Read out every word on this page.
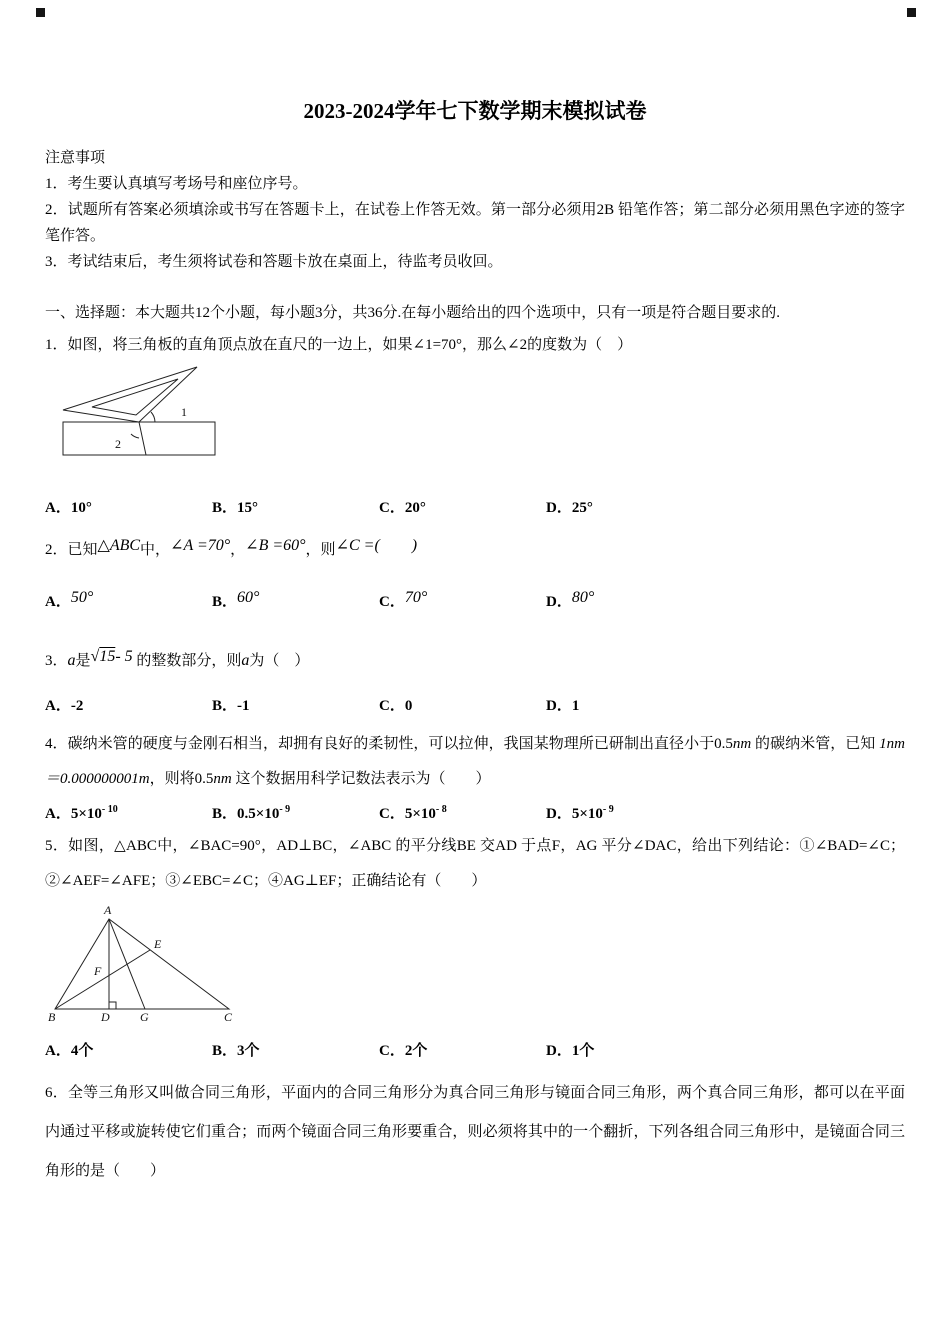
2023-2024学年七下数学期末模拟试卷
注意事项
1．考生要认真填写考场号和座位序号。
2．试题所有答案必须填涂或书写在答题卡上，在试卷上作答无效。第一部分必须用2B 铅笔作答；第二部分必须用黑色字迹的签字笔作答。
3．考试结束后，考生须将试卷和答题卡放在桌面上，待监考员收回。
一、选择题：本大题共12个小题，每小题3分，共36分.在每小题给出的四个选项中，只有一项是符合题目要求的.
1．如图，将三角板的直角顶点放在直尺的一边上，如果∠1=70°，那么∠2的度数为（　）
1
2
A．10°	B．15°	C．20°	D．25°
2．已知△ABC中，∠A =70°，∠B =60°，则∠C =(　　)
A．50°	B．60°	C．70°	D．80°
3．a是√15- 5 的整数部分，则a为（　）
A．-2	B．-1	C．0	D．1
4．碳纳米管的硬度与金刚石相当，却拥有良好的柔韧性，可以拉伸，我国某物理所已研制出直径小于0.5nm 的碳纳米管，已知 1nm＝0.000000001m，则将0.5nm 这个数据用科学记数法表示为（　　）
A．$5\times 10^{- 10}$	B．$0.5\times 10^{- 9}$	C．$5\times 10^{- 8}$	D．$5\times 10^{- 9}$
5．如图，△ABC中，∠BAC=90°，AD⊥BC，∠ABC 的平分线BE 交AD 于点F，AG 平分∠DAC，给出下列结论：①∠BAD=∠C；②∠AEF=∠AFE；③∠EBC=∠C；④AG⊥EF；正确结论有（　　）
A
B	C
D
E
F
G
A．4个	B．3个	C．2个	D．1个
6．全等三角形又叫做合同三角形，平面内的合同三角形分为真合同三角形与镜面合同三角形，两个真合同三角形，都可以在平面内通过平移或旋转使它们重合；而两个镜面合同三角形要重合，则必须将其中的一个翻折，下列各组合同三角形中，是镜面合同三角形的是（　　）
